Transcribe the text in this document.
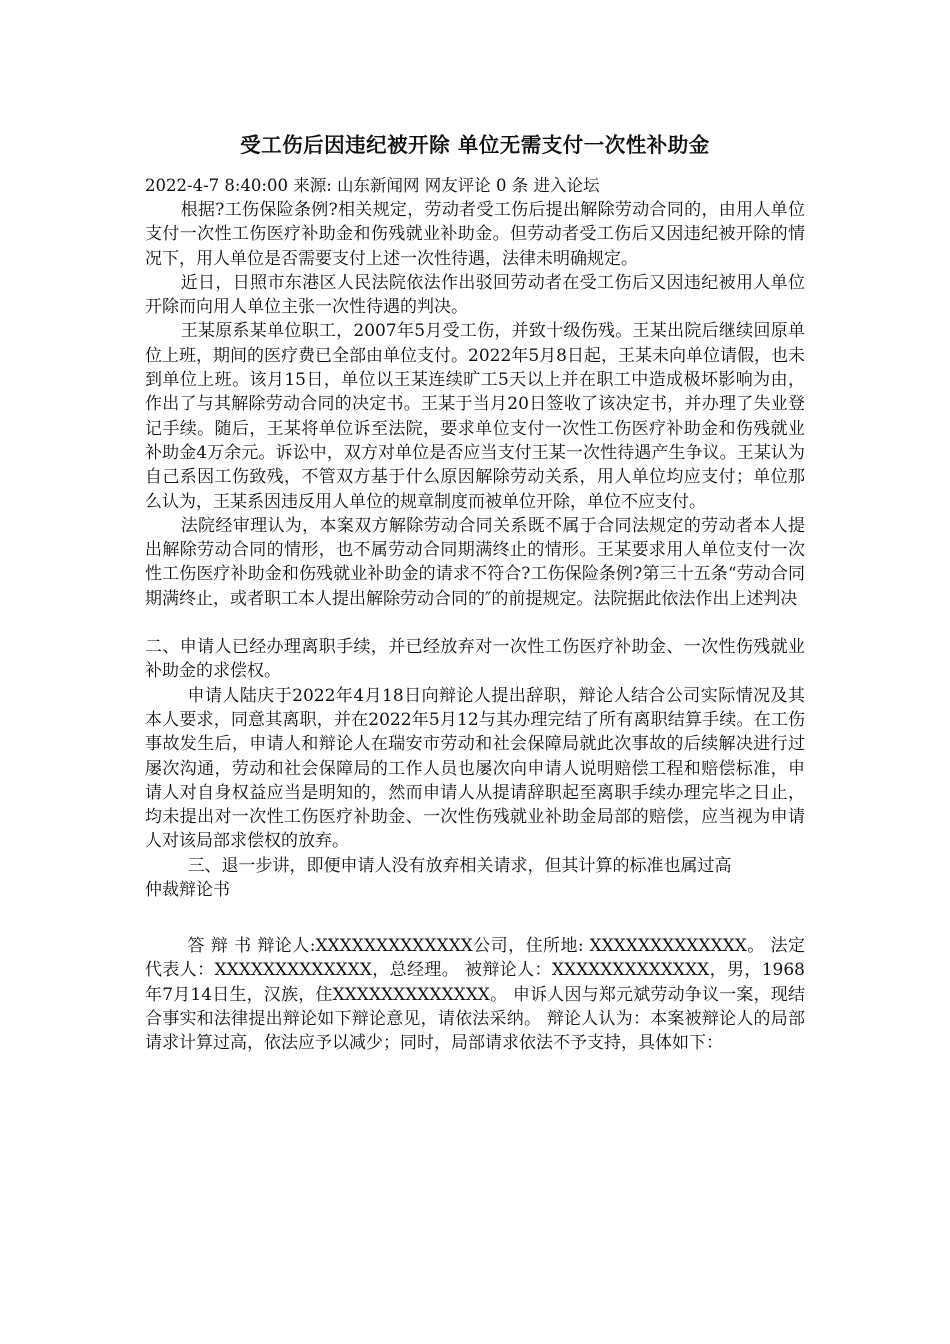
受工伤后因违纪被开除 单位无需支付一次性补助金

2022-4-7 8:40:00 来源: 山东新闻网 网友评论 0 条 进入论坛

根据?工伤保险条例?相关规定，劳动者受工伤后提出解除劳动合同的，由用人单位支付一次性工伤医疗补助金和伤残就业补助金。但劳动者受工伤后又因违纪被开除的情况下，用人单位是否需要支付上述一次性待遇，法律未明确规定。

近日，日照市东港区人民法院依法作出驳回劳动者在受工伤后又因违纪被用人单位开除而向用人单位主张一次性待遇的判决。

王某原系某单位职工，2007年5月受工伤，并致十级伤残。王某出院后继续回原单位上班，期间的医疗费已全部由单位支付。2022年5月8日起，王某未向单位请假，也未到单位上班。该月15日，单位以王某连续旷工5天以上并在职工中造成极坏影响为由，作出了与其解除劳动合同的决定书。王某于当月20日签收了该决定书，并办理了失业登记手续。随后，王某将单位诉至法院，要求单位支付一次性工伤医疗补助金和伤残就业补助金4万余元。诉讼中，双方对单位是否应当支付王某一次性待遇产生争议。王某认为自己系因工伤致残，不管双方基于什么原因解除劳动关系，用人单位均应支付；单位那么认为，王某系因违反用人单位的规章制度而被单位开除，单位不应支付。

法院经审理认为，本案双方解除劳动合同关系既不属于合同法规定的劳动者本人提出解除劳动合同的情形，也不属劳动合同期满终止的情形。王某要求用人单位支付一次性工伤医疗补助金和伤残就业补助金的请求不符合?工伤保险条例?第三十五条“劳动合同期满终止，或者职工本人提出解除劳动合同的″的前提规定。法院据此依法作出上述判决

二、申请人已经办理离职手续，并已经放弃对一次性工伤医疗补助金、一次性伤残就业补助金的求偿权。

申请人陆庆于2022年4月18日向辩论人提出辞职，辩论人结合公司实际情况及其本人要求，同意其离职，并在2022年5月12与其办理完结了所有离职结算手续。在工伤事故发生后，申请人和辩论人在瑞安市劳动和社会保障局就此次事故的后续解决进行过屡次沟通，劳动和社会保障局的工作人员也屡次向申请人说明赔偿工程和赔偿标准，申请人对自身权益应当是明知的，然而申请人从提请辞职起至离职手续办理完毕之日止，均未提出对一次性工伤医疗补助金、一次性伤残就业补助金局部的赔偿，应当视为申请人对该局部求偿权的放弃。

三、退一步讲，即便申请人没有放弃相关请求，但其计算的标准也属过高

仲裁辩论书

答 辩 书 辩论人:XXXXXXXXXXXXX公司，住所地: XXXXXXXXXXXXX。 法定代表人：XXXXXXXXXXXXX，总经理。 被辩论人：XXXXXXXXXXXXX，男，1968年7月14日生，汉族，住XXXXXXXXXXXXX。 申诉人因与郑元斌劳动争议一案，现结合事实和法律提出辩论如下辩论意见，请依法采纳。 辩论人认为：本案被辩论人的局部请求计算过高，依法应予以减少；同时，局部请求依法不予支持，具体如下：
